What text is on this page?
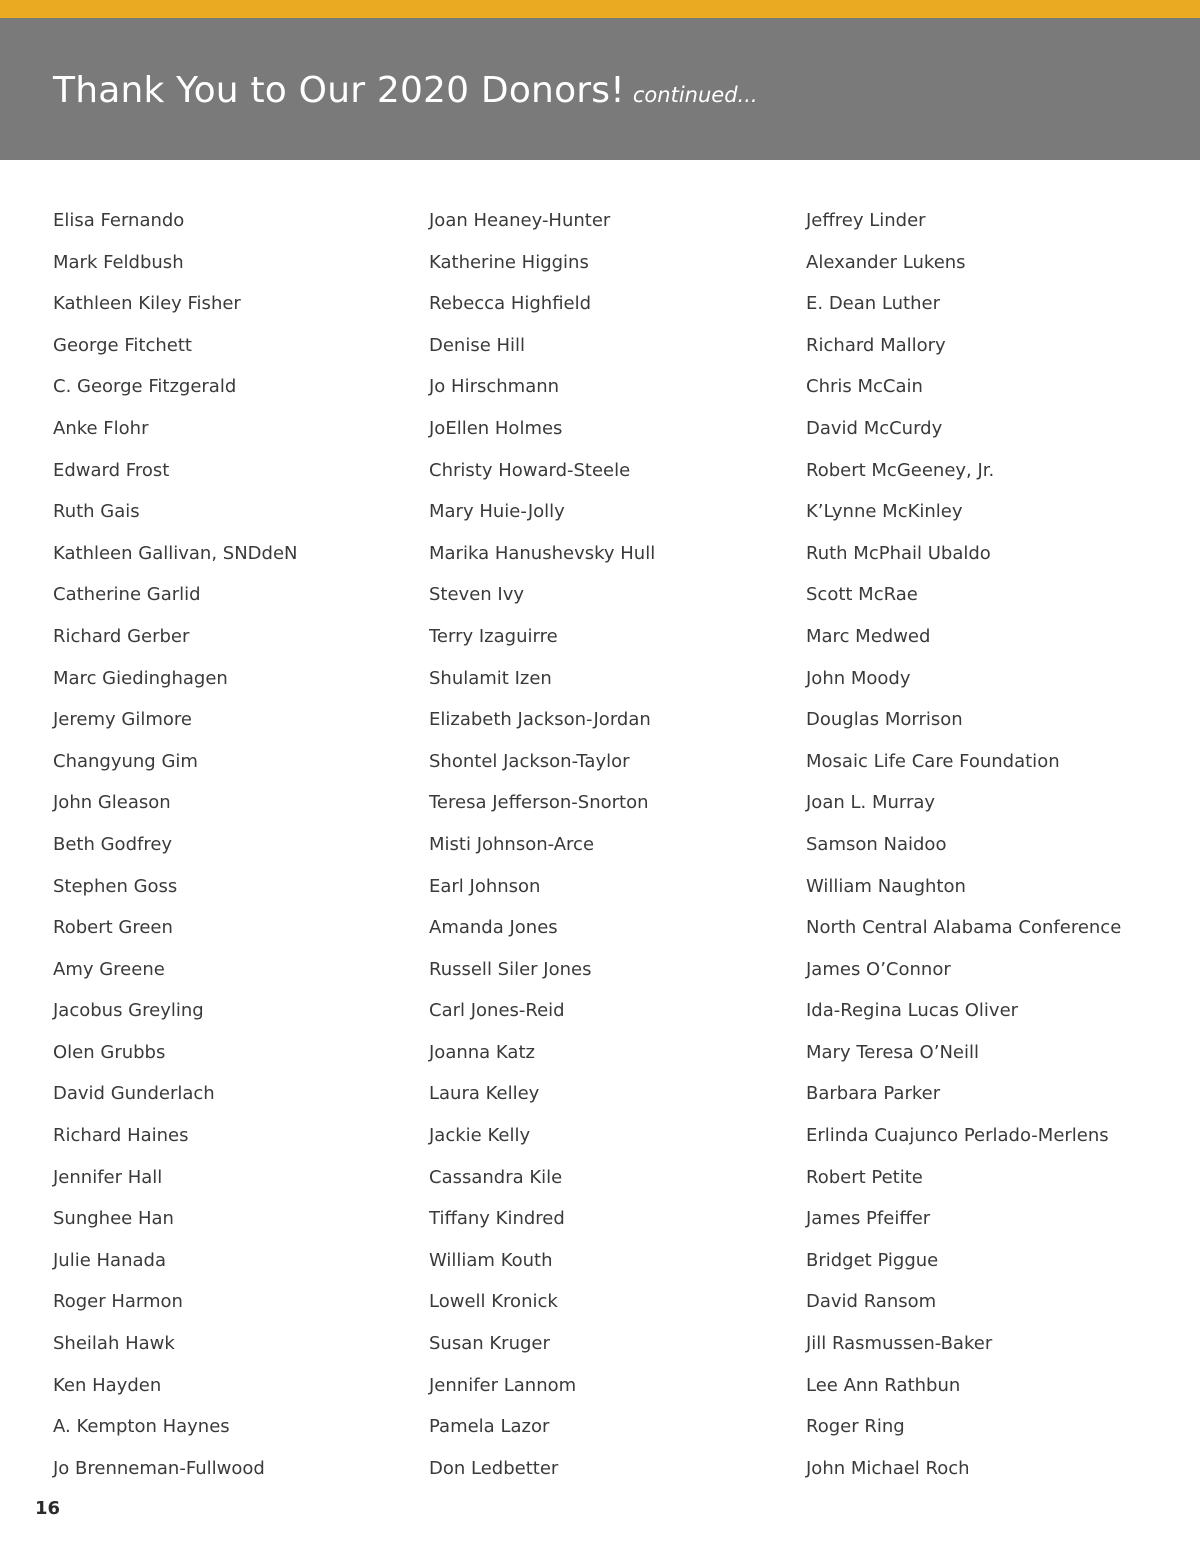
Thank You to Our 2020 Donors! continued...
Elisa Fernando
Mark Feldbush
Kathleen Kiley Fisher
George Fitchett
C. George Fitzgerald
Anke Flohr
Edward Frost
Ruth Gais
Kathleen Gallivan, SNDdeN
Catherine Garlid
Richard Gerber
Marc Giedinghagen
Jeremy Gilmore
Changyung Gim
John Gleason
Beth Godfrey
Stephen Goss
Robert Green
Amy Greene
Jacobus Greyling
Olen Grubbs
David Gunderlach
Richard Haines
Jennifer Hall
Sunghee Han
Julie Hanada
Roger Harmon
Sheilah Hawk
Ken Hayden
A. Kempton Haynes
Jo Brenneman-Fullwood
Joan Heaney-Hunter
Katherine Higgins
Rebecca Highfield
Denise Hill
Jo Hirschmann
JoEllen Holmes
Christy Howard-Steele
Mary Huie-Jolly
Marika Hanushevsky Hull
Steven Ivy
Terry Izaguirre
Shulamit Izen
Elizabeth Jackson-Jordan
Shontel Jackson-Taylor
Teresa Jefferson-Snorton
Misti Johnson-Arce
Earl Johnson
Amanda Jones
Russell Siler Jones
Carl Jones-Reid
Joanna Katz
Laura Kelley
Jackie Kelly
Cassandra Kile
Tiffany Kindred
William Kouth
Lowell Kronick
Susan Kruger
Jennifer Lannom
Pamela Lazor
Don Ledbetter
Jeffrey Linder
Alexander Lukens
E. Dean Luther
Richard Mallory
Chris McCain
David McCurdy
Robert McGeeney, Jr.
K’Lynne McKinley
Ruth McPhail Ubaldo
Scott McRae
Marc Medwed
John Moody
Douglas Morrison
Mosaic Life Care Foundation
Joan L. Murray
Samson Naidoo
William Naughton
North Central Alabama Conference
James O’Connor
Ida-Regina Lucas Oliver
Mary Teresa O’Neill
Barbara Parker
Erlinda Cuajunco Perlado-Merlens
Robert Petite
James Pfeiffer
Bridget Piggue
David Ransom
Jill Rasmussen-Baker
Lee Ann Rathbun
Roger Ring
John Michael Roch
16
